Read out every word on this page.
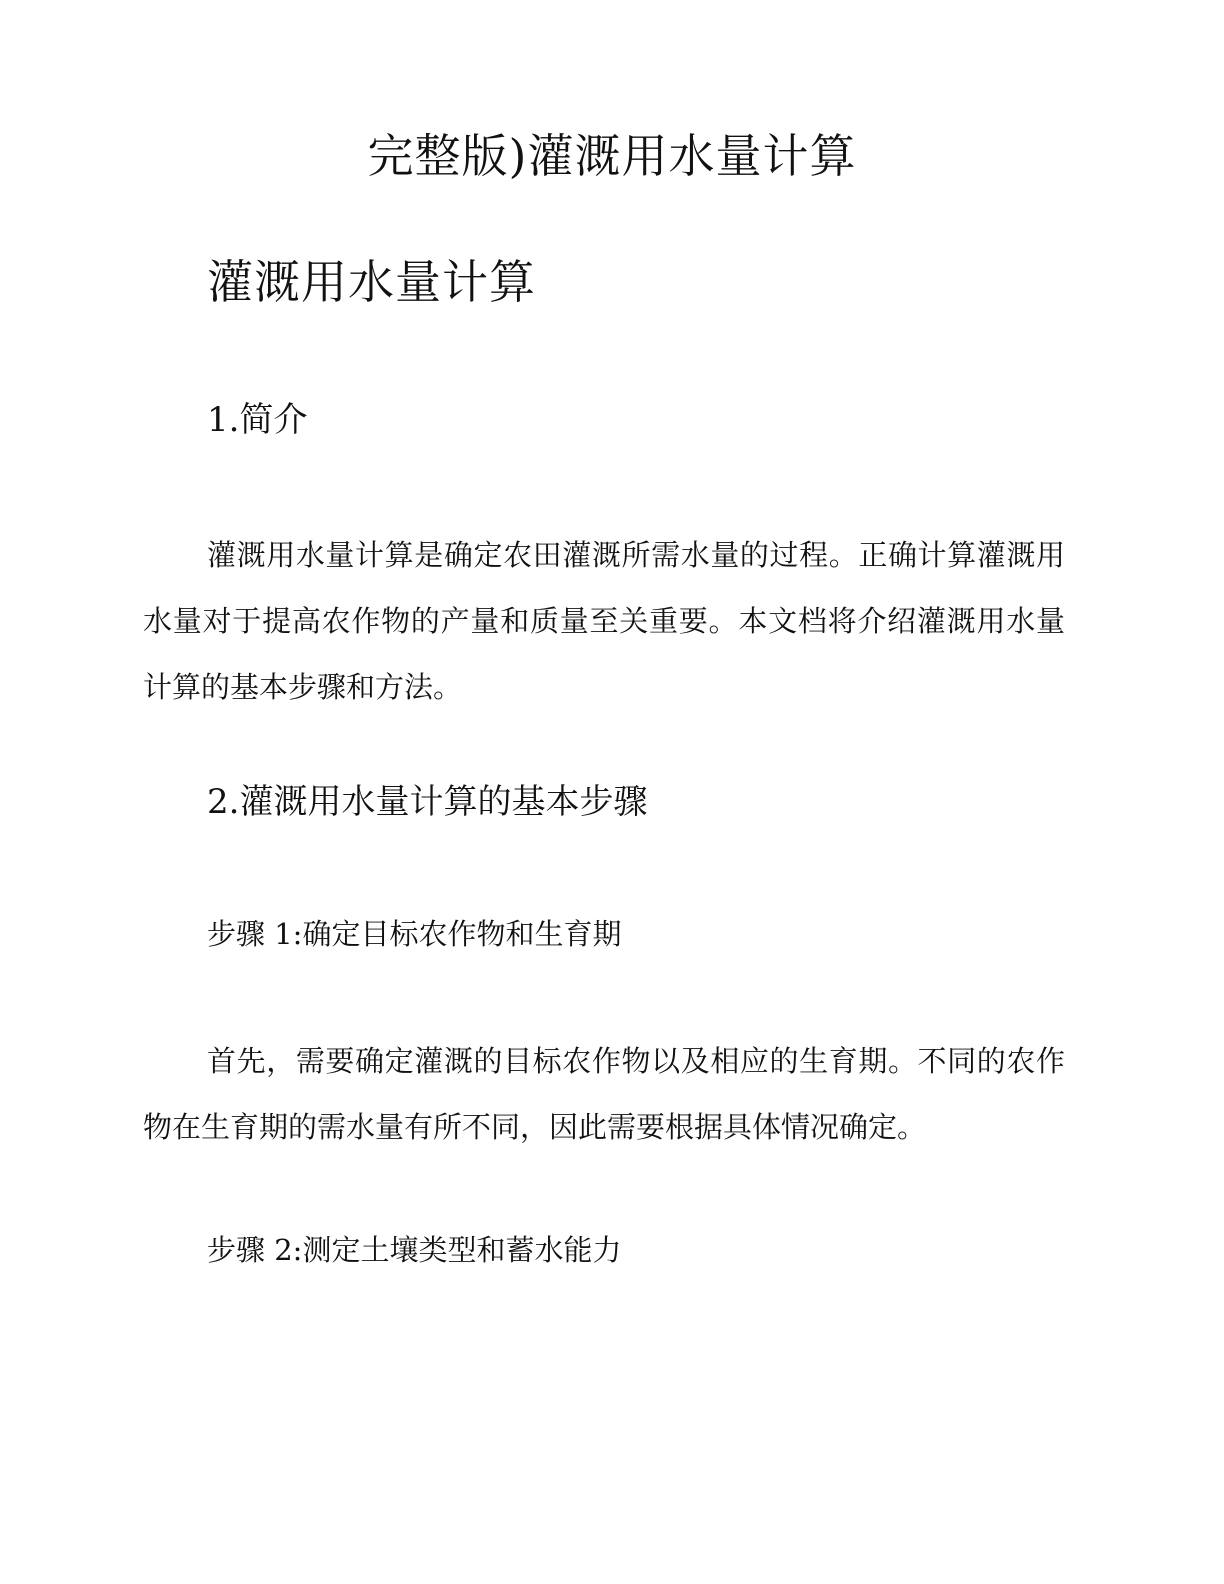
完整版)灌溉用水量计算
灌溉用水量计算
1.简介

灌溉用水量计算是确定农田灌溉所需水量的过程。正确计算灌溉用水量对于提高农作物的产量和质量至关重要。本文档将介绍灌溉用水量计算的基本步骤和方法。

2.灌溉用水量计算的基本步骤
步骤 1:确定目标农作物和生育期

首先，需要确定灌溉的目标农作物以及相应的生育期。不同的农作物在生育期的需水量有所不同，因此需要根据具体情况确定。

步骤 2:测定土壤类型和蓄水能力
